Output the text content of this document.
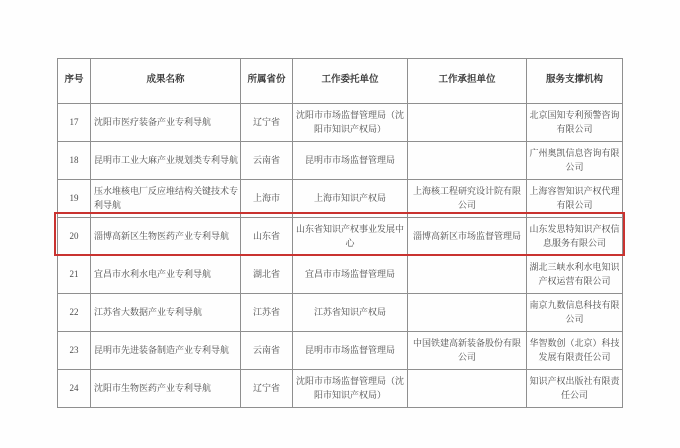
序号	成果名称	所属省份	工作委托单位	工作承担单位	服务支撑机构
17	沈阳市医疗装备产业专利导航	辽宁省	沈阳市市场监督管理局（沈阳市知识产权局）		北京国知专利预警咨询有限公司
18	昆明市工业大麻产业规划类专利导航	云南省	昆明市市场监督管理局		广州奥凯信息咨询有限公司
19	压水堆核电厂反应堆结构关键技术专利导航	上海市	上海市知识产权局	上海核工程研究设计院有限公司	上海容智知识产权代理有限公司
20	淄博高新区生物医药产业专利导航	山东省	山东省知识产权事业发展中心	淄博高新区市场监督管理局	山东发思特知识产权信息服务有限公司
21	宜昌市水利水电产业专利导航	湖北省	宜昌市市场监督管理局		湖北三峡水利水电知识产权运营有限公司
22	江苏省大数据产业专利导航	江苏省	江苏省知识产权局		南京九数信息科技有限公司
23	昆明市先进装备制造产业专利导航	云南省	昆明市市场监督管理局	中国铁建高新装备股份有限公司	华智数创（北京）科技发展有限责任公司
24	沈阳市生物医药产业专利导航	辽宁省	沈阳市市场监督管理局（沈阳市知识产权局）		知识产权出版社有限责任公司
